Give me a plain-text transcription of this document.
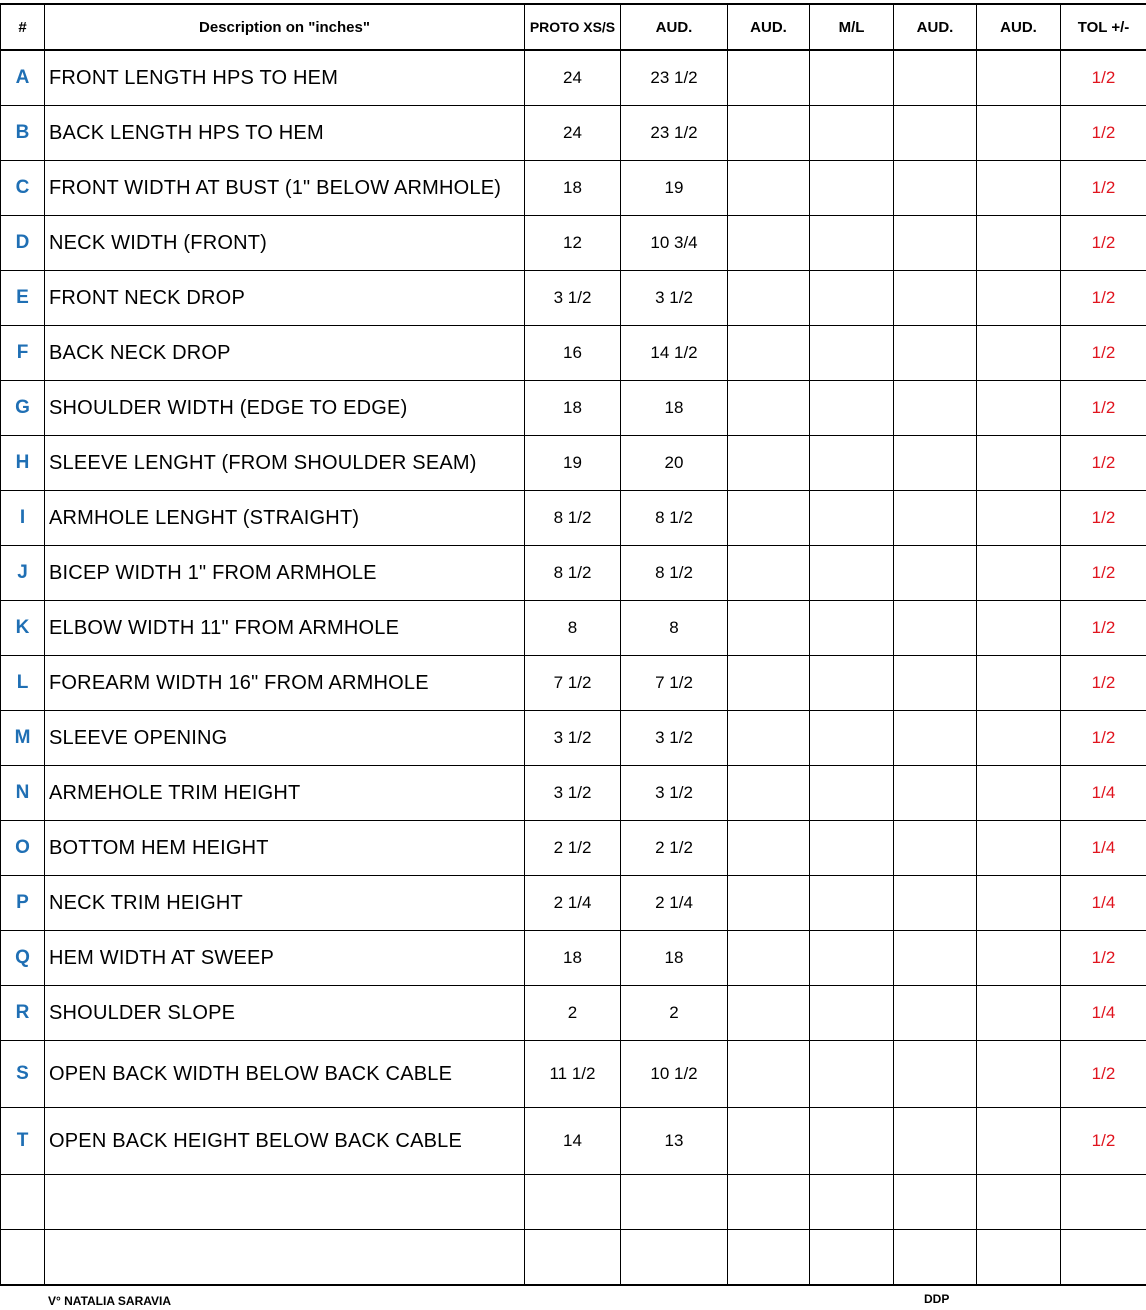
#	Description on "inches"	PROTO XS/S	AUD.	AUD.	M/L	AUD.	AUD.	TOL +/-
A	FRONT LENGTH HPS TO HEM	24	23 1/2					1/2
B	BACK LENGTH HPS TO HEM	24	23 1/2					1/2
C	FRONT WIDTH AT BUST (1" BELOW ARMHOLE)	18	19					1/2
D	NECK WIDTH (FRONT)	12	10 3/4					1/2
E	FRONT NECK DROP	3 1/2	3 1/2					1/2
F	BACK NECK DROP	16	14 1/2					1/2
G	SHOULDER WIDTH (EDGE TO EDGE)	18	18					1/2
H	SLEEVE LENGHT (FROM SHOULDER SEAM)	19	20					1/2
I	ARMHOLE LENGHT (STRAIGHT)	8 1/2	8 1/2					1/2
J	BICEP WIDTH 1" FROM ARMHOLE	8 1/2	8 1/2					1/2
K	ELBOW WIDTH 11" FROM ARMHOLE	8	8					1/2
L	FOREARM WIDTH 16" FROM ARMHOLE	7 1/2	7 1/2					1/2
M	SLEEVE OPENING	3 1/2	3 1/2					1/2
N	ARMEHOLE TRIM HEIGHT	3 1/2	3 1/2					1/4
O	BOTTOM HEM HEIGHT	2 1/2	2 1/2					1/4
P	NECK TRIM HEIGHT	2 1/4	2 1/4					1/4
Q	HEM WIDTH AT SWEEP	18	18					1/2
R	SHOULDER SLOPE	2	2					1/4
S	OPEN BACK WIDTH BELOW BACK CABLE	11 1/2	10 1/2					1/2
T	OPEN BACK HEIGHT BELOW BACK CABLE	14	13					1/2

V° NATALIA SARAVIA	DDP
